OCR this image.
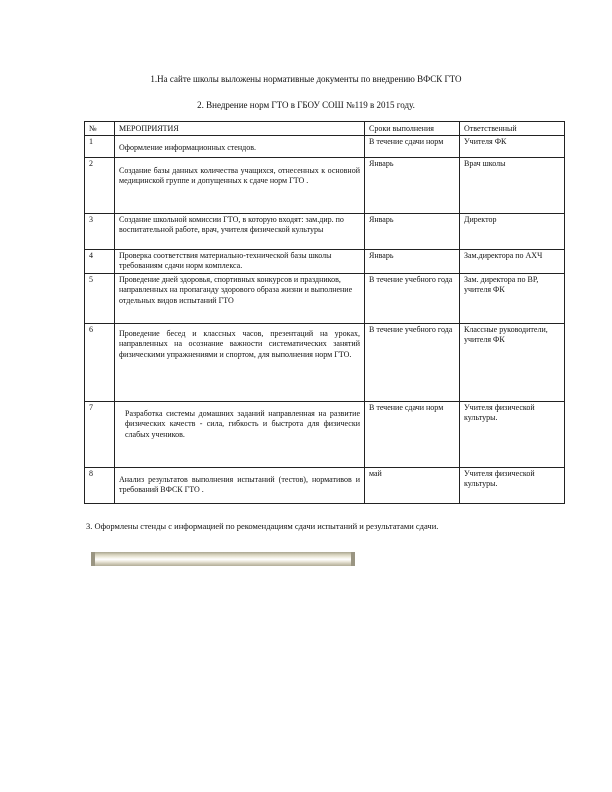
1.На сайте школы выложены нормативные документы по внедрению ВФСК ГТО
2. Внедрение норм ГТО в ГБОУ СОШ №119 в 2015 году.
№	МЕРОПРИЯТИЯ	Сроки выполнения	Ответственный
1	Оформление информационных стендов.	В течение сдачи норм	Учителя ФК
2	Создание базы данных количества учащихся, отнесенных к основной медицинской группе и допущенных к сдаче норм ГТО .	Январь	Врач школы
3	Создание школьной комиссии ГТО, в которую входят: зам.дир. по воспитательной работе, врач, учителя физической культуры	Январь	Директор
4	Проверка соответствия материально-технической базы школы требованиям сдачи норм комплекса.	Январь	Зам.директора по АХЧ
5	Проведение дней здоровья, спортивных конкурсов и праздников, направленных на пропаганду здорового образа жизни и выполнение отдельных видов испытаний ГТО	В течение учебного года	Зам. директора по ВР, учителя ФК
6	Проведение бесед и классных часов, презентаций на уроках, направленных на осознание важности систематических занятий физическими упражнениями и спортом, для выполнения норм ГТО.	В течение учебного года	Классные руководители, учителя ФК
7	Разработка системы домашних заданий направленная на развитие физических качеств - сила, гибкость и быстрота для физически слабых учеников.	В течение сдачи норм	Учителя физической культуры.
8	Анализ результатов выполнения испытаний (тестов), нормативов и требований ВФСК ГТО .	май	Учителя физической культуры.
3. Оформлены стенды с информацией по рекомендациям сдачи испытаний и результатами сдачи.
